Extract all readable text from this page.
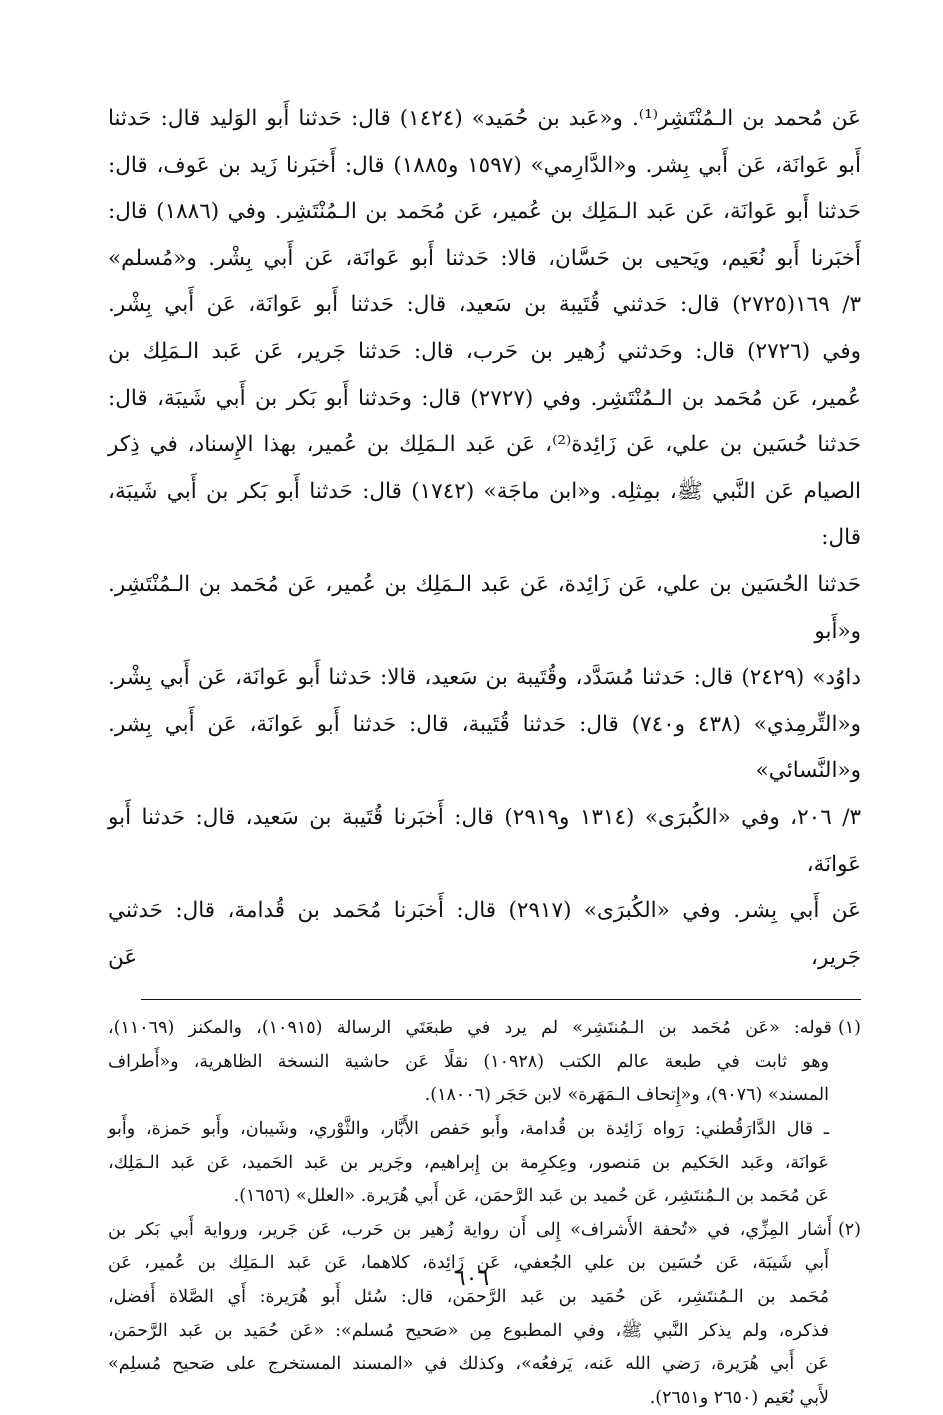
عَن مُحمد بن الـمُنْتَشِر⁽¹⁾. و«عَبد بن حُمَيد» (١٤٢٤) قال: حَدثنا أَبو الوَليد قال: حَدثنا
أَبو عَوانَة، عَن أَبي بِشر. و«الدَّارِمي» (١٥٩٧ و١٨٨٥) قال: أَخبَرنا زَيد بن عَوف، قال:
حَدثنا أَبو عَوانَة، عَن عَبد الـمَلِك بن عُمير، عَن مُحَمد بن الـمُنْتَشِر. وفي (١٨٨٦) قال:
أَخبَرنا أَبو نُعَيم، ويَحيى بن حَسَّان، قالا: حَدثنا أَبو عَوانَة، عَن أَبي بِشْر. و«مُسلم»
٣/ ١٦٩(٢٧٢٥) قال: حَدثني قُتَيبة بن سَعيد، قال: حَدثنا أَبو عَوانَة، عَن أَبي بِشْر.
وفي (٢٧٢٦) قال: وحَدثني زُهير بن حَرب، قال: حَدثنا جَرير، عَن عَبد الـمَلِك بن
عُمير، عَن مُحَمد بن الـمُنْتَشِر. وفي (٢٧٢٧) قال: وحَدثنا أَبو بَكر بن أَبي شَيبَة، قال:
حَدثنا حُسَين بن علي، عَن زَائِدة⁽²⁾، عَن عَبد الـمَلِك بن عُمير، بهذا الإِسناد، في ذِكر
الصيام عَن النَّبي ﷺ، بمِثلِه. و«ابن ماجَة» (١٧٤٢) قال: حَدثنا أَبو بَكر بن أَبي شَيبَة، قال:
حَدثنا الحُسَين بن علي، عَن زَائِدة، عَن عَبد الـمَلِك بن عُمير، عَن مُحَمد بن الـمُنْتَشِر. و«أَبو
داوُد» (٢٤٢٩) قال: حَدثنا مُسَدَّد، وقُتَيبة بن سَعيد، قالا: حَدثنا أَبو عَوانَة، عَن أَبي بِشْر.
و«التِّرمِذي» (٤٣٨ و٧٤٠) قال: حَدثنا قُتَيبة، قال: حَدثنا أَبو عَوانَة، عَن أَبي بِشر. و«النَّسائي»
٣/ ٢٠٦، وفي «الكُبرَى» (١٣١٤ و٢٩١٩) قال: أَخبَرنا قُتَيبة بن سَعيد، قال: حَدثنا أَبو عَوانَة،
عَن أَبي بِشر. وفي «الكُبرَى» (٢٩١٧) قال: أَخبَرنا مُحَمد بن قُدامة، قال: حَدثني جَرير، عَن
(١)قوله: «عَن مُحَمد بن الـمُنتَشِر» لم يرد في طبعَتَي الرسالة (١٠٩١٥)، والمكنز (١١٠٦٩)،
وهو ثابت في طبعة عالم الكتب (١٠٩٢٨) نقلًا عَن حاشية النسخة الظاهرية، و«أَطراف
المسند» (٩٠٧٦)، و«إِتحاف الـمَهَرة» لابن حَجَر (١٨٠٠٦).
ـ قال الدَّارَقُطني: رَواه زَائِدة بن قُدامة، وأَبو حَفص الأَبَّار، والثَّوْري، وشَيبان، وأَبو حَمزة، وأَبو
عَوانَة، وعَبد الحَكيم بن مَنصور، وعِكرِمة بن إِبراهيم، وجَرير بن عَبد الحَميد، عَن عَبد الـمَلِك،
عَن مُحَمد بن الـمُنتَشِر، عَن حُميد بن عَبد الرَّحمَن، عَن أَبي هُرَيرة. «العلل» (١٦٥٦).
(٢)أَشار المِزِّي، في «تُحفة الأَشراف» إِلى أَن رواية زُهير بن حَرب، عَن جَرير، ورواية أَبي بَكر بن
أَبي شَيبَة، عَن حُسَين بن علي الجُعفي، عَن زَائِدة، كلاهما، عَن عَبد الـمَلِك بن عُمير، عَن
مُحَمد بن الـمُنتَشِر، عَن حُمَيد بن عَبد الرَّحمَن، قال: سُئل أَبو هُرَيرة: أَي الصَّلاة أَفضل،
فذكره، ولم يذكر النَّبي ﷺ، وفي المطبوع مِن «صَحيح مُسلم»: «عَن حُمَيد بن عَبد الرَّحمَن،
عَن أَبي هُرَيرة، رَضي الله عَنه، يَرفعُه»، وكذلك في «المسند المستخرج على صَحيح مُسلِم»
لأَبي نُعَيم (٢٦٥٠ و٢٦٥١).
٦٠٦
